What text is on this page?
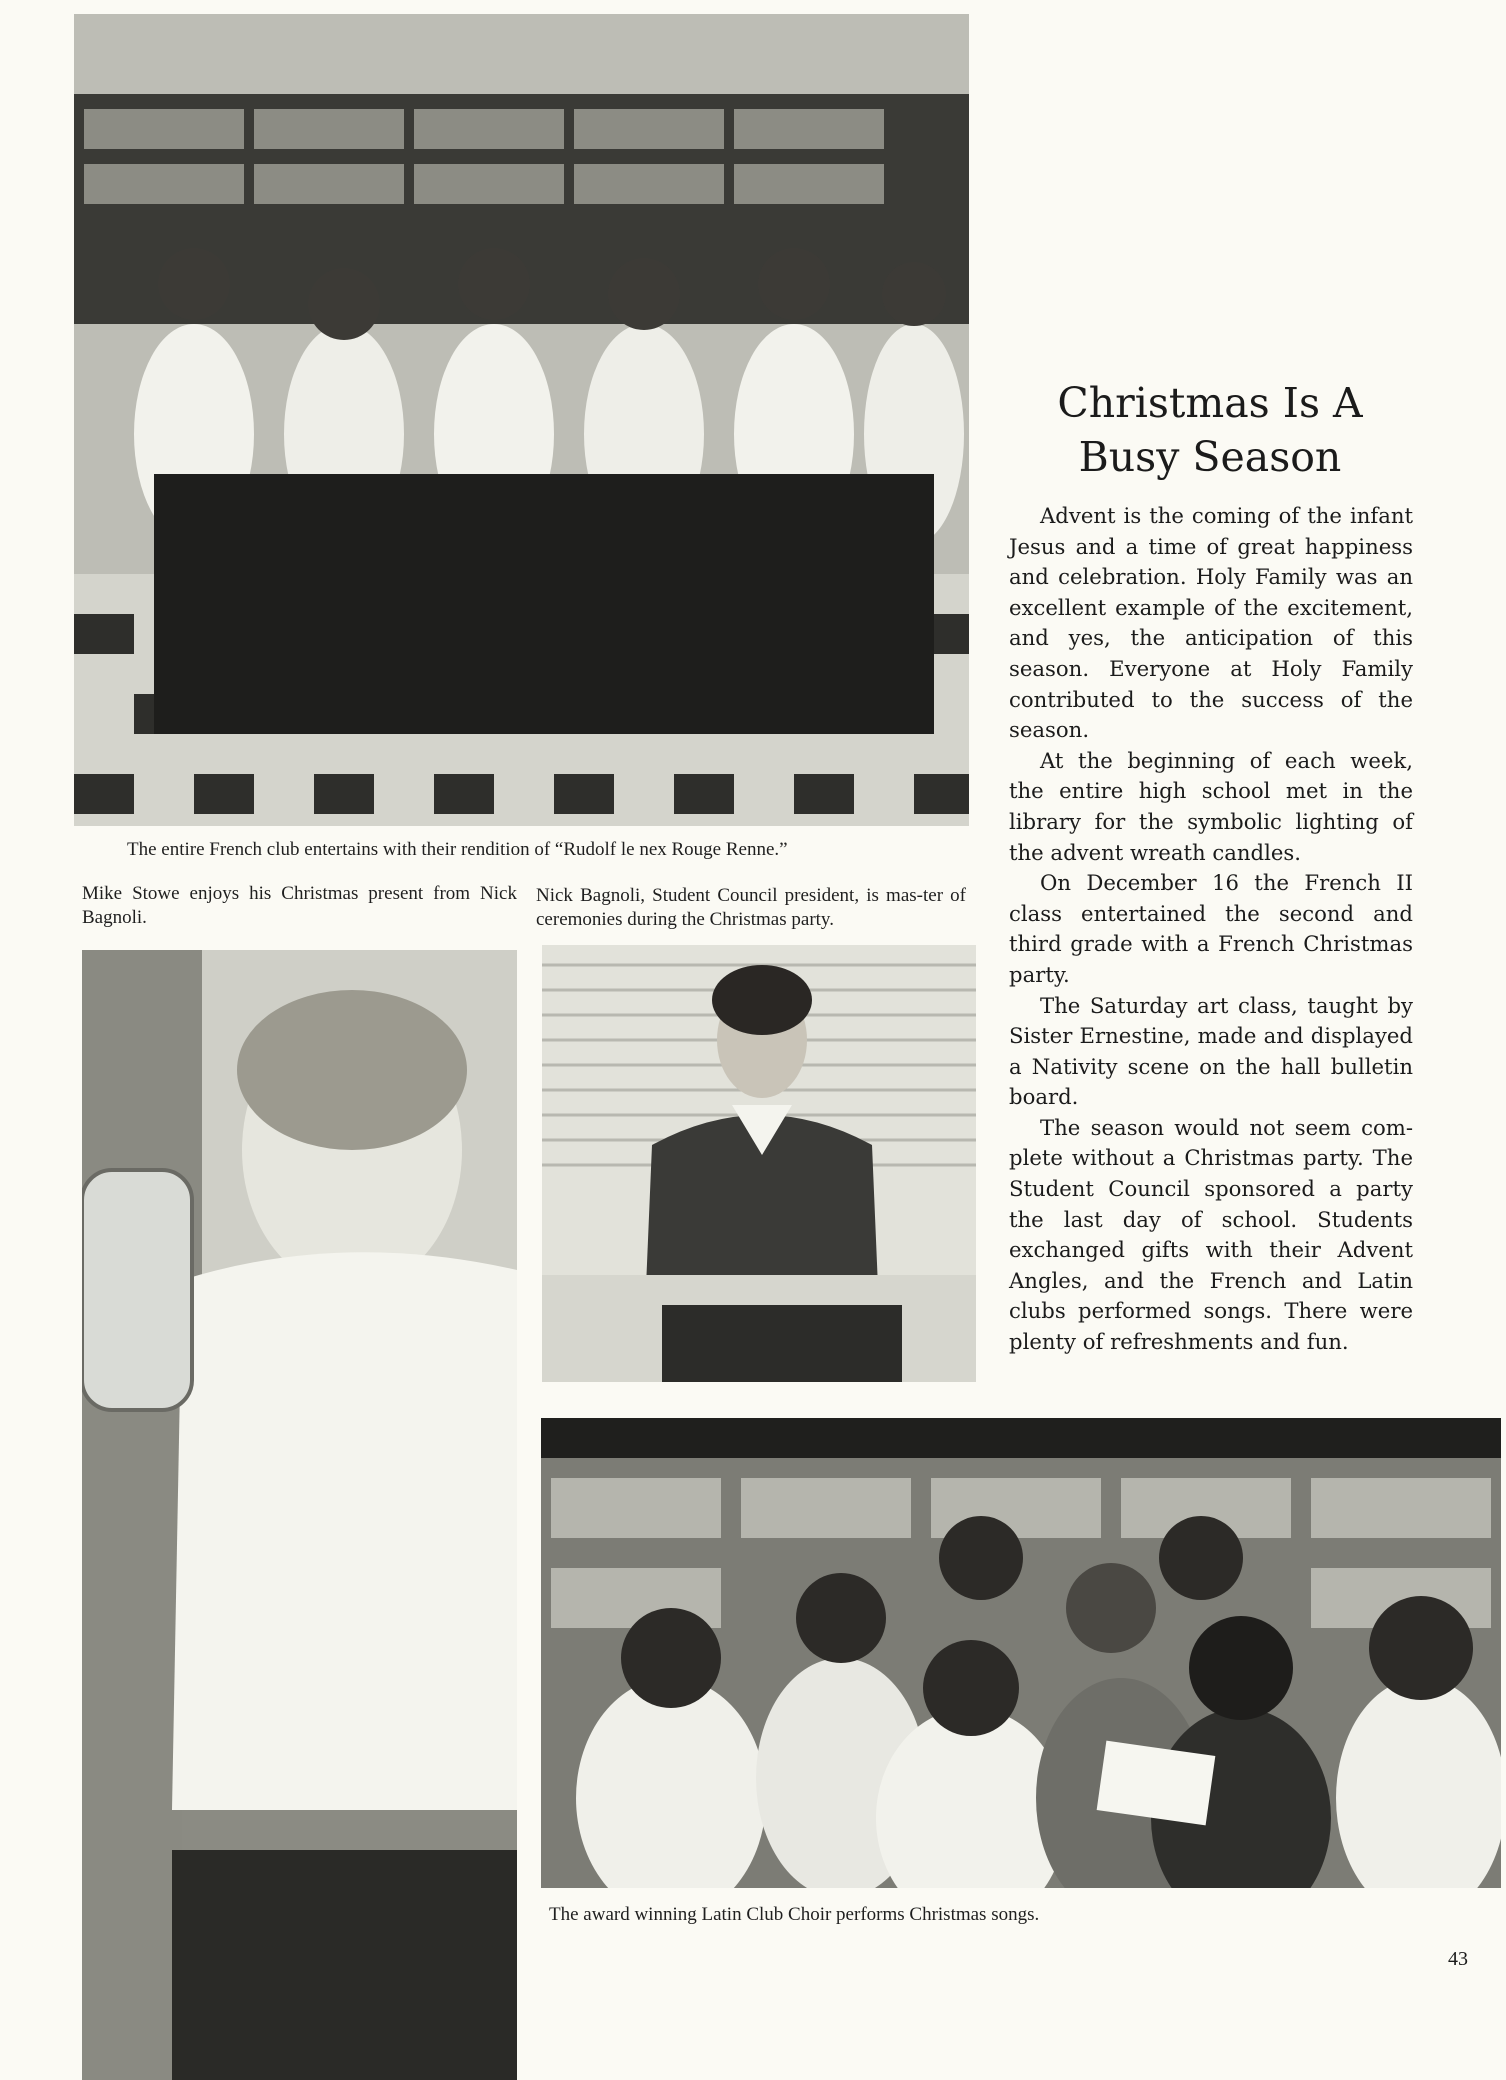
The entire French club entertains with their rendition of “Rudolf le nex Rouge Renne.”
Mike Stowe enjoys his Christmas present from Nick Bagnoli.
Nick Bagnoli, Student Council president, is mas-ter of ceremonies during the Christmas party.
Christmas Is A Busy Season

Advent is the coming of the infant Jesus and a time of great happiness and celebration. Holy Family was an excellent example of the excitement, and yes, the anticipation of this season. Everyone at Holy Family contributed to the success of the season.

At the beginning of each week, the entire high school met in the library for the symbolic lighting of the advent wreath candles.

On December 16 the French II class entertained the second and third grade with a French Christmas party.

The Saturday art class, taught by Sister Ernestine, made and displayed a Nativity scene on the hall bulletin board.

The season would not seem complete without a Christmas party. The Student Council sponsored a party the last day of school. Students exchanged gifts with their Advent Angles, and the French and Latin clubs performed songs. There were plenty of refreshments and fun.

The award winning Latin Club Choir performs Christmas songs.
43
